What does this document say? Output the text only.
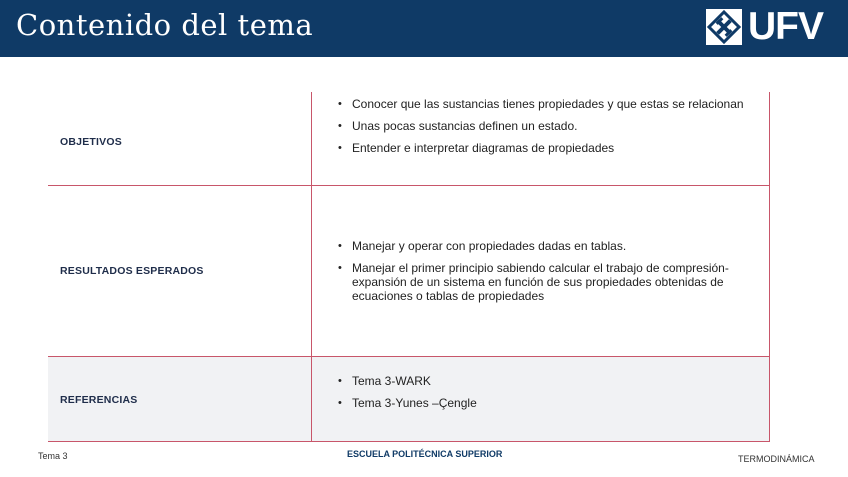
Contenido del tema	UFV
OBJETIVOS
• Conocer que las sustancias tienes propiedades y que estas se relacionan
• Unas pocas sustancias definen un estado.
• Entender e interpretar diagramas de propiedades
RESULTADOS ESPERADOS
• Manejar y operar con propiedades dadas en tablas.
• Manejar el primer principio sabiendo calcular el trabajo de compresión-expansión de un sistema en función de sus propiedades obtenidas de ecuaciones o tablas de propiedades
REFERENCIAS
• Tema 3-WARK
• Tema 3-Yunes –Çengle
Tema 3	ESCUELA POLITÉCNICA SUPERIOR	TERMODINÁMICA
